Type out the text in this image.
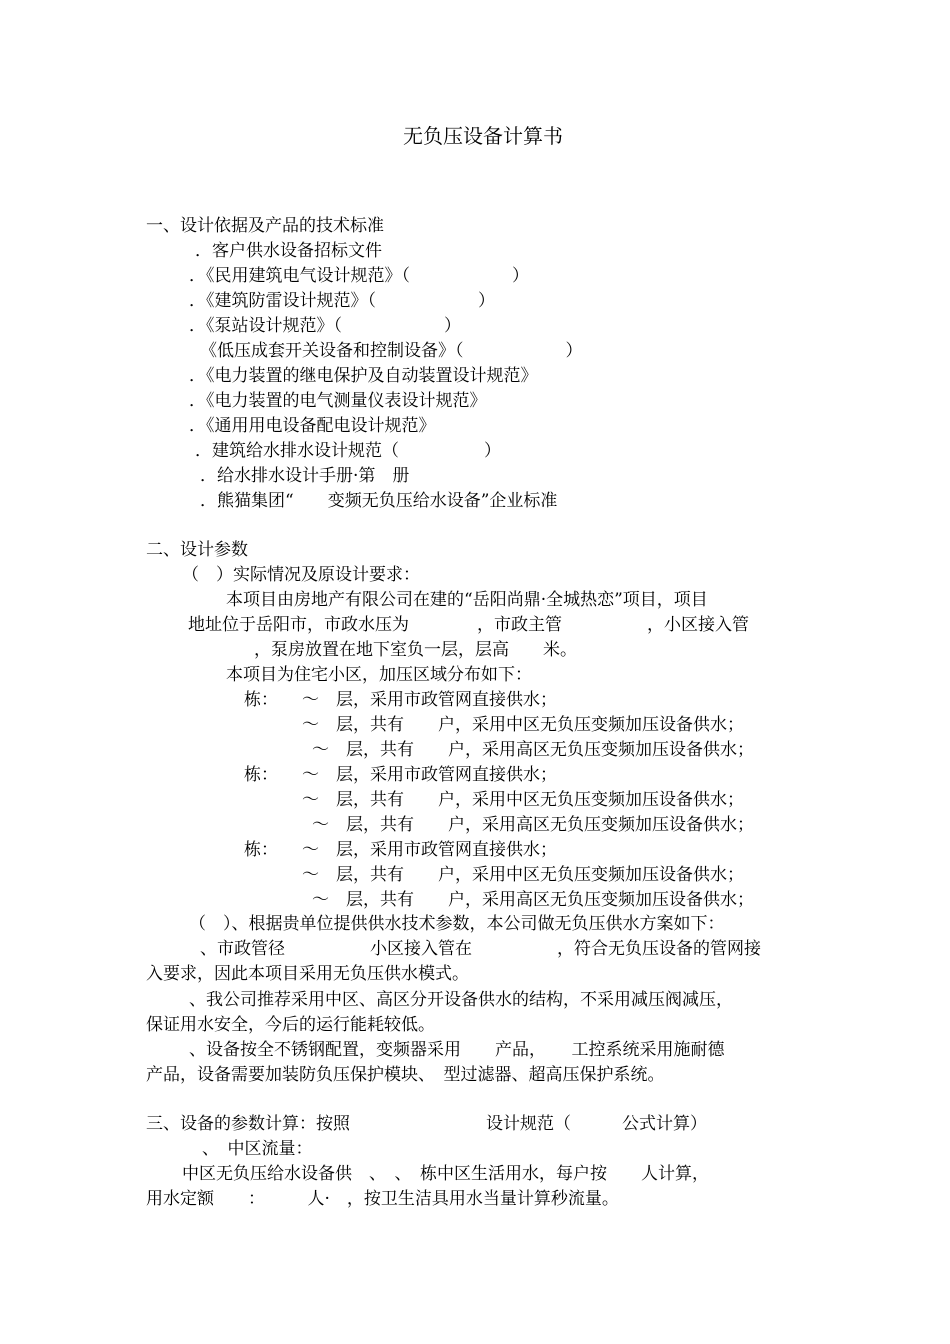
无负压设备计算书

一、设计依据及产品的技术标准

．客户供水设备招标文件

．《民用建筑电气设计规范》（　　　　　　）

．《建筑防雷设计规范》（　　　　　　）

．《泵站设计规范》（　　　　　　）

《低压成套开关设备和控制设备》（　　　　　　）

．《电力装置的继电保护及自动装置设计规范》

．《电力装置的电气测量仪表设计规范》

．《通用用电设备配电设计规范》

．建筑给水排水设计规范（　　　　　）

．给水排水设计手册·第　册

．熊猫集团“　　变频无负压给水设备”企业标准

二、设计参数

（　）实际情况及原设计要求：

本项目由房地产有限公司在建的“岳阳尚鼎·全城热恋”项目，项目

地址位于岳阳市，市政水压为　　　　，市政主管　　　　　，小区接入管

，泵房放置在地下室负一层，层高　　米。

本项目为住宅小区，加压区域分布如下：

栋： ～　层，采用市政管网直接供水；

～　层，共有　　户，采用中区无负压变频加压设备供水；

～　层，共有　　户，采用高区无负压变频加压设备供水；

栋： ～　层，采用市政管网直接供水；

～　层，共有　　户，采用中区无负压变频加压设备供水；

～　层，共有　　户，采用高区无负压变频加压设备供水；

栋： ～　层，采用市政管网直接供水；

～　层，共有　　户，采用中区无负压变频加压设备供水；

～　层，共有　　户，采用高区无负压变频加压设备供水；

（　）、根据贵单位提供供水技术参数，本公司做无负压供水方案如下：

、市政管径　　　　　小区接入管在　　　　　，符合无负压设备的管网接

入要求，因此本项目采用无负压供水模式。

、我公司推荐采用中区、高区分开设备供水的结构，不采用减压阀减压，

保证用水安全，今后的运行能耗较低。

、设备按全不锈钢配置，变频器采用　　产品，　　工控系统采用施耐德

产品，设备需要加装防负压保护模块、　型过滤器、超高压保护系统。

三、设备的参数计算：按照　　　　　　　　设计规范（　　　公式计算）

、　中区流量：

中区无负压给水设备供　、　、　栋中区生活用水，每户按　　人计算，

用水定额　　：　　　人·　，按卫生洁具用水当量计算秒流量。
